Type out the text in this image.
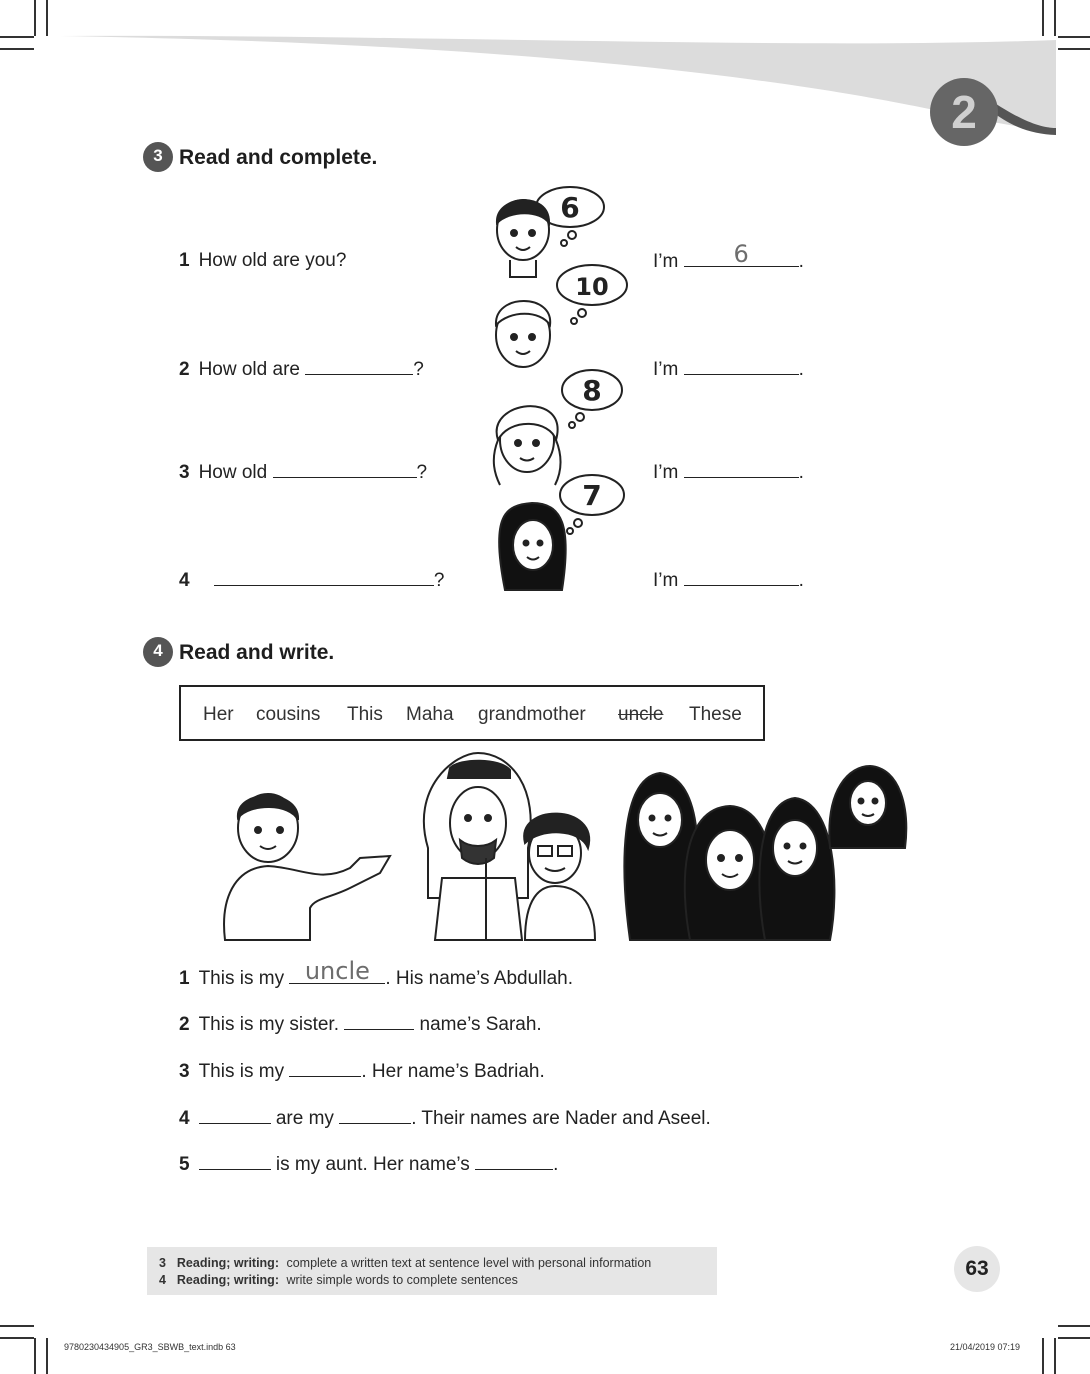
2
3 Read and complete.
1 How old are you?	I’m	6	.
2 How old are	?	I’m	.
3 How old	?	I’m	.
4	?	I’m	.
6
10
8
7
4 Read and write.
Her cousins This Maha grandmother uncle These
1 This is my uncle . His name’s Abdullah.
2 This is my sister.	name’s Sarah.
3 This is my	. Her name’s Badriah.
4	are my	. Their names are Nader and Aseel.
5	is my aunt. Her name’s	.
3 Reading; writing: complete a written text at sentence level with personal information
4 Reading; writing: write simple words to complete sentences	63
9780230434905_GR3_SBWB_text.indb 63	21/04/2019 07:19
